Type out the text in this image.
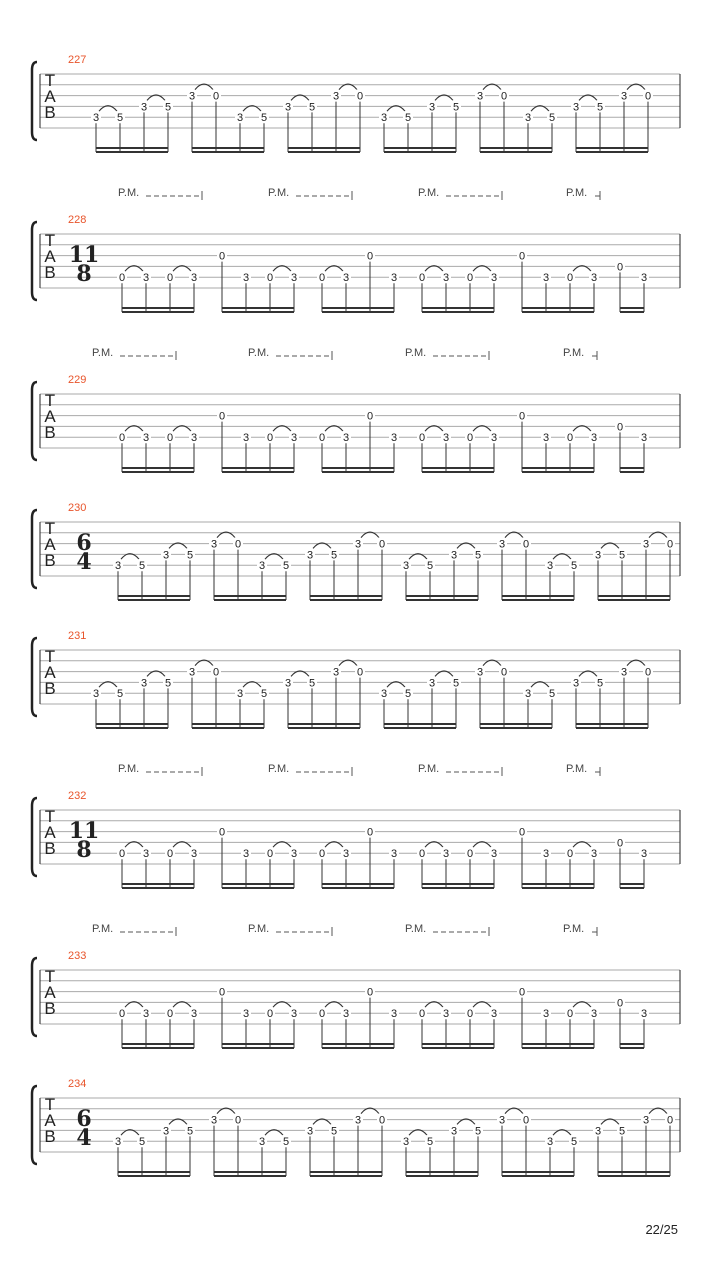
T
A
B
227
3 5
3 5
3 0
3 5
3 5
3 0
3 5
3 5
3 0
3 5
3 5
3 0
T
A
B
228
11
8
P.M.	P.M.	P.M.	P.M.
0 3 0 3
0
3 0 3 0 3
0
3 0 3 0 3
0
3 0 3
0
3
T
A
B
229
P.M.	P.M.	P.M.	P.M.
0 3 0 3
0
3 0 3 0 3
0
3 0 3 0 3
0
3 0 3
0
3
T
A
B
230
6
4 3 5
3 5
3 0
3 5
3 5
3 0
3 5
3 5
3 0
3 5
3 5
3 0
T
A
B
231
3 5
3 5
3 0
3 5
3 5
3 0
3 5
3 5
3 0
3 5
3 5
3 0
T
A
B
232
11
8
P.M.	P.M.	P.M.	P.M.
0 3 0 3
0
3 0 3 0 3
0
3 0 3 0 3
0
3 0 3
0
3
T
A
B
233
P.M.	P.M.	P.M.	P.M.
0 3 0 3
0
3 0 3 0 3
0
3 0 3 0 3
0
3 0 3
0
3
T
A
B
234
6
4 3 5
3 5
3 0
3 5
3 5
3 0
3 5
3 5
3 0
3 5
3 5
3 0
22/25
